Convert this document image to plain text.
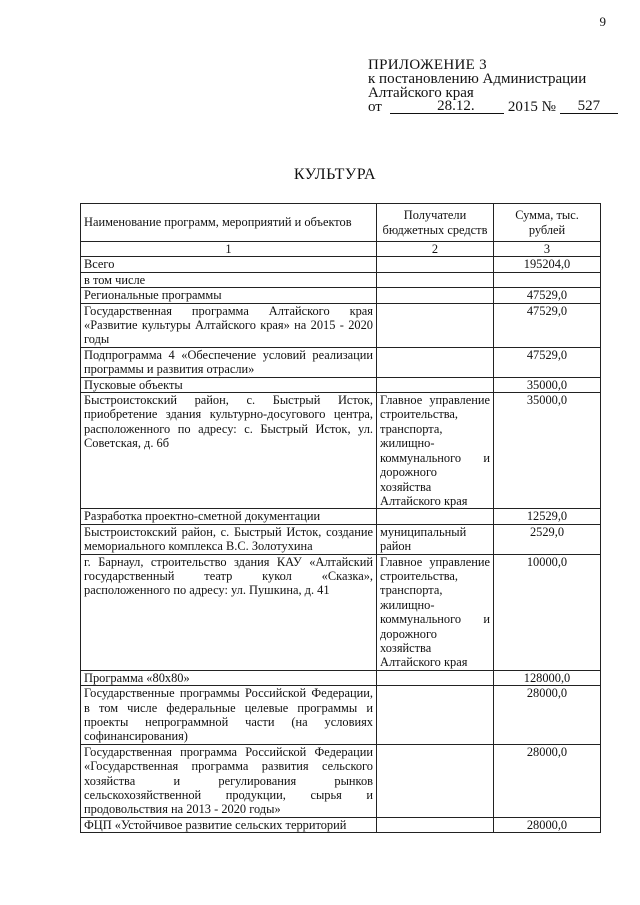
9
ПРИЛОЖЕНИЕ 3
к постановлению Администрации
Алтайского края
от	28.12.	2015 №	527
КУЛЬТУРА
Наименование программ, мероприятий и объектов	Получатели бюджетных средств	Сумма, тыс. рублей
1	2	3
Всего		195204,0
в том числе		
Региональные программы		47529,0
Государственная программа Алтайского края «Развитие культуры Алтайского края» на 2015 - 2020 годы		47529,0
Подпрограмма 4 «Обеспечение условий реализации программы и развития отрасли»		47529,0
Пусковые объекты		35000,0
Быстроистокский район, с. Быстрый Исток, приобретение здания культурно-досугового центра, расположенного по адресу: с. Быстрый Исток, ул. Советская, д. 6б	Главное управление строительства, транспорта, жилищно-коммунального и дорожного хозяйства Алтайского края	35000,0
Разработка проектно-сметной документации		12529,0
Быстроистокский район, с. Быстрый Исток, создание мемориального комплекса В.С. Золотухина	муниципальный район	2529,0
г. Барнаул, строительство здания КАУ «Алтайский государственный театр кукол «Сказка», расположенного по адресу: ул. Пушкина, д. 41	Главное управление строительства, транспорта, жилищно-коммунального и дорожного хозяйства Алтайского края	10000,0
Программа «80х80»		128000,0
Государственные программы Российской Федерации, в том числе федеральные целевые программы и проекты непрограммной части (на условиях софинансирования)		28000,0
Государственная программа Российской Федерации «Государственная программа развития сельского хозяйства и регулирования рынков сельскохозяйственной продукции, сырья и продовольствия на 2013 - 2020 годы»		28000,0
ФЦП «Устойчивое развитие сельских территорий		28000,0
